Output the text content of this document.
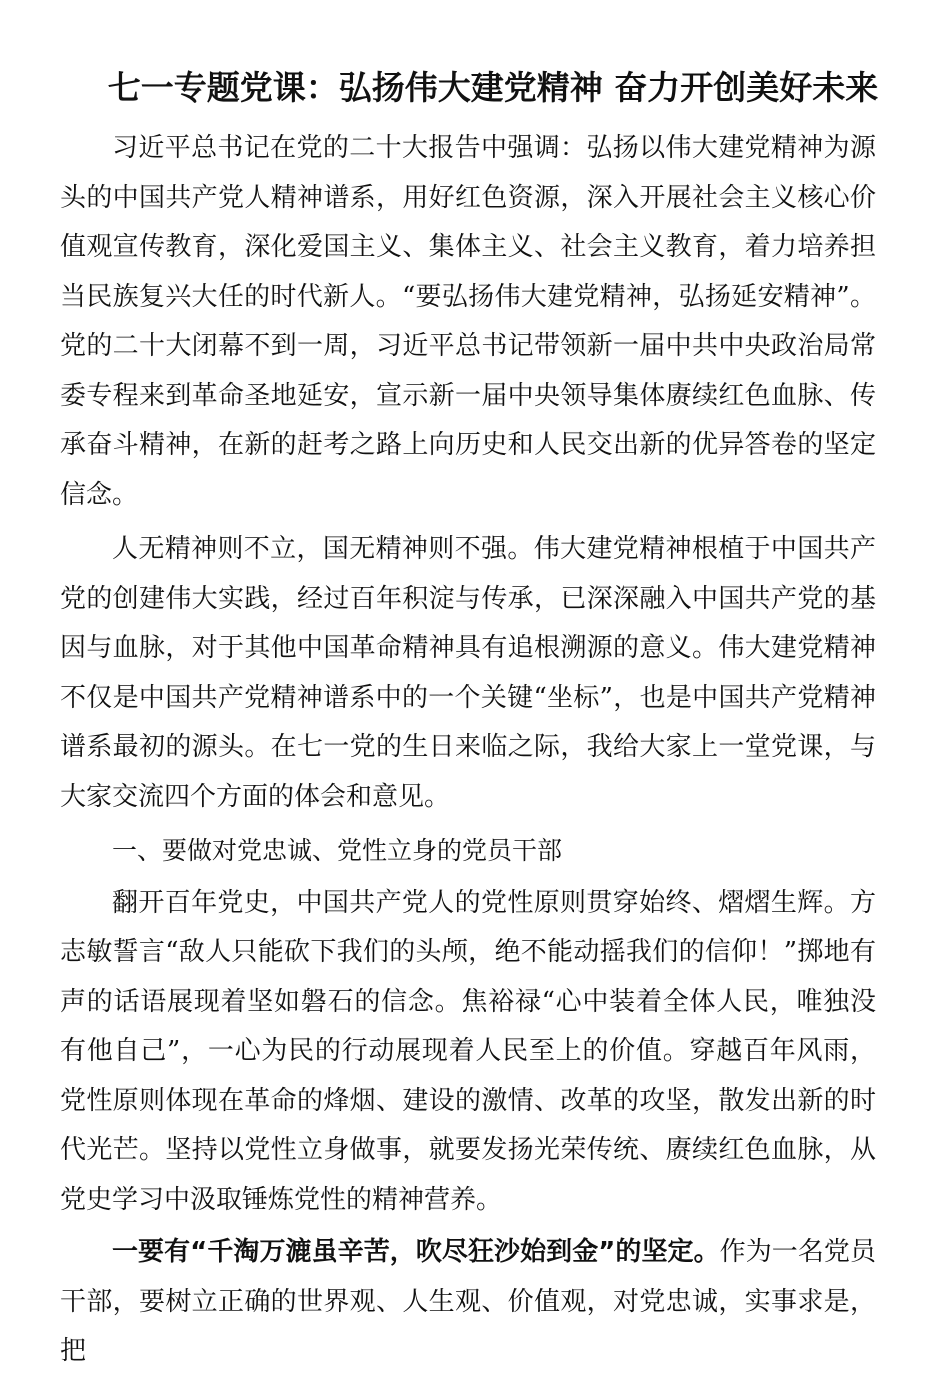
七一专题党课：弘扬伟大建党精神 奋力开创美好未来

习近平总书记在党的二十大报告中强调：弘扬以伟大建党精神为源头的中国共产党人精神谱系，用好红色资源，深入开展社会主义核心价值观宣传教育，深化爱国主义、集体主义、社会主义教育，着力培养担当民族复兴大任的时代新人。“要弘扬伟大建党精神，弘扬延安精神”。党的二十大闭幕不到一周，习近平总书记带领新一届中共中央政治局常委专程来到革命圣地延安，宣示新一届中央领导集体赓续红色血脉、传承奋斗精神，在新的赶考之路上向历史和人民交出新的优异答卷的坚定信念。

人无精神则不立，国无精神则不强。伟大建党精神根植于中国共产党的创建伟大实践，经过百年积淀与传承，已深深融入中国共产党的基因与血脉，对于其他中国革命精神具有追根溯源的意义。伟大建党精神不仅是中国共产党精神谱系中的一个关键“坐标”，也是中国共产党精神谱系最初的源头。在七一党的生日来临之际，我给大家上一堂党课，与大家交流四个方面的体会和意见。

一、要做对党忠诚、党性立身的党员干部

翻开百年党史，中国共产党人的党性原则贯穿始终、熠熠生辉。方志敏誓言“敌人只能砍下我们的头颅，绝不能动摇我们的信仰！”掷地有声的话语展现着坚如磐石的信念。焦裕禄“心中装着全体人民，唯独没有他自己”，一心为民的行动展现着人民至上的价值。穿越百年风雨，党性原则体现在革命的烽烟、建设的激情、改革的攻坚，散发出新的时代光芒。坚持以党性立身做事，就要发扬光荣传统、赓续红色血脉，从党史学习中汲取锤炼党性的精神营养。

一要有“千淘万漉虽辛苦，吹尽狂沙始到金”的坚定。作为一名党员干部，要树立正确的世界观、人生观、价值观，对党忠诚，实事求是，把
